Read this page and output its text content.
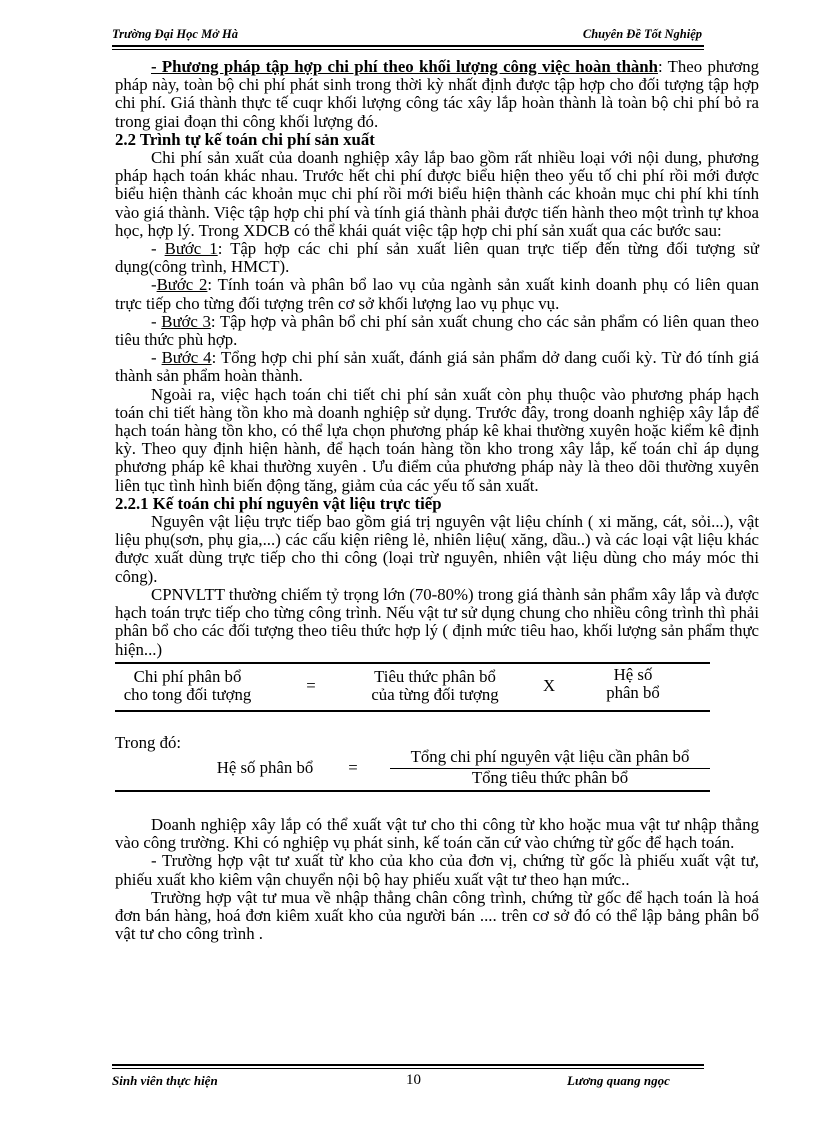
Trường Đại Học Mở Hà	Chuyên Đề Tốt Nghiệp

- Phương pháp tập hợp chi phí theo khối lượng công việc hoàn thành: Theo phương pháp này, toàn bộ chi phí phát sinh trong thời kỳ nhất định được tập hợp cho đối tượng tập hợp chi phí. Giá thành thực tế cuqr khối lượng công tác xây lắp hoàn thành là toàn bộ chi phí bỏ ra trong giai đoạn thi công khối lượng đó.

2.2 Trình tự kế toán chi phí sản xuất

Chi phí sản xuất của doanh nghiệp xây lắp bao gồm rất nhiều loại với nội dung, phương pháp hạch toán khác nhau. Trước hết chi phí được biểu hiện theo yếu tố chi phí rồi mới được biểu hiện thành các khoản mục chi phí rồi mới biểu hiện thành các khoản mục chi phí khi tính vào giá thành. Việc tập hợp chi phí và tính giá thành phải được tiến hành theo một trình tự khoa học, hợp lý. Trong XDCB có thể khái quát việc tập hợp chi phí sản xuất qua các bước sau:

- Bước 1: Tập hợp các chi phí sản xuất liên quan trực tiếp đến từng đối tượng sử dụng(công trình, HMCT).

-Bước 2: Tính toán và phân bổ lao vụ của ngành sản xuất kinh doanh phụ có liên quan trực tiếp cho từng đối tượng trên cơ sở khối lượng lao vụ phục vụ.

- Bước 3: Tập hợp và phân bổ chi phí sản xuất chung cho các sản phẩm có liên quan theo tiêu thức phù hợp.

- Bước 4: Tổng hợp chi phí sản xuất, đánh giá sản phẩm dở dang cuối kỳ. Từ đó tính giá thành sản phẩm hoàn thành.

Ngoài ra, việc hạch toán chi tiết chi phí sản xuất còn phụ thuộc vào phương pháp hạch toán chi tiết hàng tồn kho mà doanh nghiệp sử dụng. Trước đây, trong doanh nghiệp xây lắp để hạch toán hàng tồn kho, có thể lựa chọn phương pháp kê khai thường xuyên hoặc kiểm kê định kỳ. Theo quy định hiện hành, để hạch toán hàng tồn kho trong xây lắp, kế toán chỉ áp dụng phương pháp kê khai thường xuyên . Ưu điểm của phương pháp này là theo dõi thường xuyên liên tục tình hình biến động tăng, giảm của các yếu tố sản xuất.

2.2.1 Kế toán chi phí nguyên vật liệu trực tiếp

Nguyên vật liệu trực tiếp bao gồm giá trị nguyên vật liệu chính ( xi măng, cát, sỏi...), vật liệu phụ(sơn, phụ gia,...) các cấu kiện riêng lẻ, nhiên liệu( xăng, dầu..) và các loại vật liệu khác được xuất dùng trực tiếp cho thi công (loại trừ nguyên, nhiên vật liệu dùng cho máy móc thi công).

CPNVLTT thường chiếm tỷ trọng lớn (70-80%) trong giá thành sản phẩm xây lắp và được hạch toán trực tiếp cho từng công trình. Nếu vật tư sử dụng chung cho nhiều công trình thì phải phân bổ cho các đối tượng theo tiêu thức hợp lý ( định mức tiêu hao, khối lượng sản phẩm thực hiện...)

Chi phí phân bổ
cho tong đối tượng	=	Tiêu thức phân bổ
của từng đối tượng	X
Hệ số
phân bổ

Trong đó:

Hệ số phân bổ	=
Tổng chi phí nguyên vật liệu cần phân bổ
Tổng tiêu thức phân bổ

Doanh nghiệp xây lắp có thể xuất vật tư cho thi công từ kho hoặc mua vật tư nhập thẳng vào công trường. Khi có nghiệp vụ phát sinh, kế toán căn cứ vào chứng từ gốc để hạch toán.

- Trường hợp vật tư xuất từ kho của kho của đơn vị, chứng từ gốc là phiếu xuất vật tư, phiếu xuất kho kiêm vận chuyển nội bộ hay phiếu xuất vật tư theo hạn mức..

Trường hợp vật tư mua về nhập thẳng chân công trình, chứng từ gốc để hạch toán là hoá đơn bán hàng, hoá đơn kiêm xuất kho của người bán .... trên cơ sở đó có thể lập bảng phân bổ vật tư cho công trình .

Sinh viên thực hiện	10	Lương quang ngọc
